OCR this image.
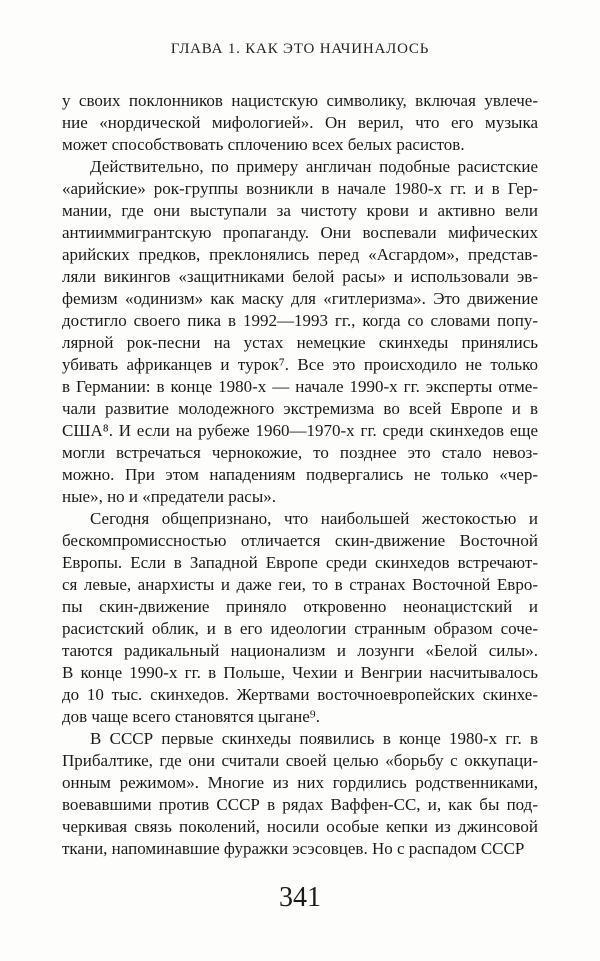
ГЛАВА 1. КАК ЭТО НАЧИНАЛОСЬ
у своих поклонников нацистскую символику, включая увлече-
ние «нордической мифологией». Он верил, что его музыка
может способствовать сплочению всех белых расистов.
Действительно, по примеру англичан подобные расистские
«арийские» рок-группы возникли в начале 1980-х гг. и в Гер-
мании, где они выступали за чистоту крови и активно вели
антииммигрантскую пропаганду. Они воспевали мифических
арийских предков, преклонялись перед «Асгардом», представ-
ляли викингов «защитниками белой расы» и использовали эв-
фемизм «одинизм» как маску для «гитлеризма». Это движение
достигло своего пика в 1992—1993 гг., когда со словами попу-
лярной рок-песни на устах немецкие скинхеды принялись
убивать африканцев и турок⁷. Все это происходило не только
в Германии: в конце 1980-х — начале 1990-х гг. эксперты отме-
чали развитие молодежного экстремизма во всей Европе и в
США⁸. И если на рубеже 1960—1970-х гг. среди скинхедов еще
могли встречаться чернокожие, то позднее это стало невоз-
можно. При этом нападениям подвергались не только «чер-
ные», но и «предатели расы».
Сегодня общепризнано, что наибольшей жестокостью и
бескомпромиссностью отличается скин-движение Восточной
Европы. Если в Западной Европе среди скинхедов встречают-
ся левые, анархисты и даже геи, то в странах Восточной Евро-
пы скин-движение приняло откровенно неонацистский и
расистский облик, и в его идеологии странным образом соче-
таются радикальный национализм и лозунги «Белой силы».
В конце 1990-х гг. в Польше, Чехии и Венгрии насчитывалось
до 10 тыс. скинхедов. Жертвами восточноевропейских скинхе-
дов чаще всего становятся цыгане⁹.
В СССР первые скинхеды появились в конце 1980-х гг. в
Прибалтике, где они считали своей целью «борьбу с оккупаци-
онным режимом». Многие из них гордились родственниками,
воевавшими против СССР в рядах Ваффен-СС, и, как бы под-
черкивая связь поколений, носили особые кепки из джинсовой
ткани, напоминавшие фуражки эсэсовцев. Но с распадом СССР
341
